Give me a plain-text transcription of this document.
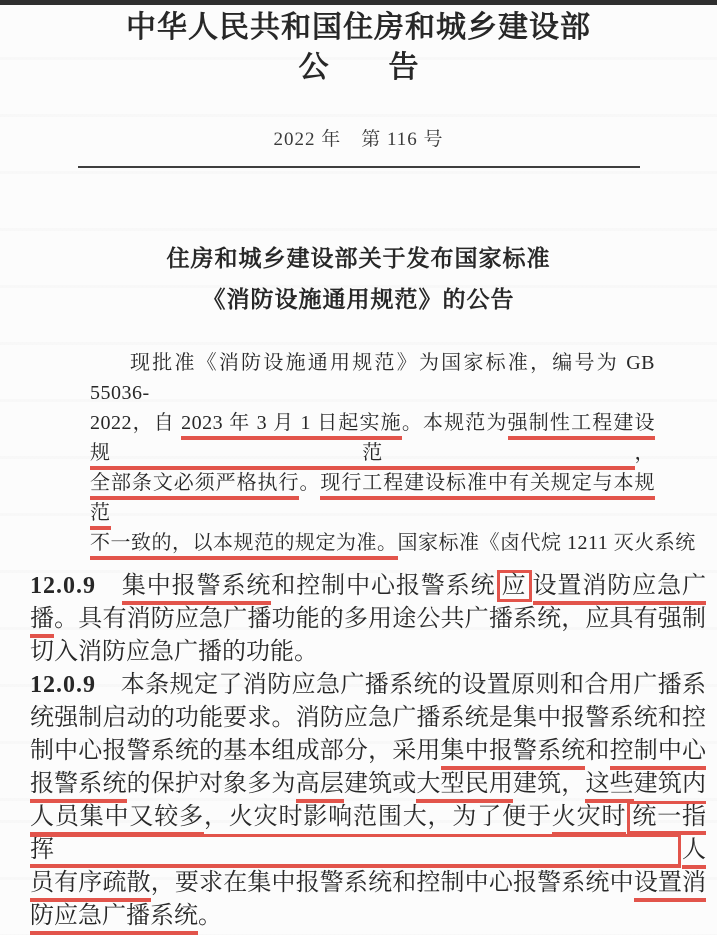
中华人民共和国住房和城乡建设部
公　　告
2022 年　第 116 号
住房和城乡建设部关于发布国家标准
《消防设施通用规范》的公告
现批准《消防设施通用规范》为国家标准，编号为 GB 55036-
2022，自 2023 年 3 月 1 日起实施。本规范为强制性工程建设规范，
全部条文必须严格执行。现行工程建设标准中有关规定与本规范
不一致的，以本规范的规定为准。国家标准《卤代烷 1211 灭火系统
12.0.9　 集中报警系统和控制中心报警系统 应 设置消防应急广
播。具有消防应急广播功能的多用途公共广播系统，应具有强制
切入消防应急广播的功能。
12.0.9　本条规定了消防应急广播系统的设置原则和合用广播系
统强制启动的功能要求。消防应急广播系统是集中报警系统和控
制中心报警系统的基本组成部分，采用集中报警系统和控制中心
报警系统的保护对象多为高层建筑或大型民用建筑，这些建筑内
人员集中又较多，火灾时影响范围大，为了便于火灾时 统一指挥 人
员有序疏散，要求在集中报警系统和控制中心报警系统中设置消
防应急广播系统。
